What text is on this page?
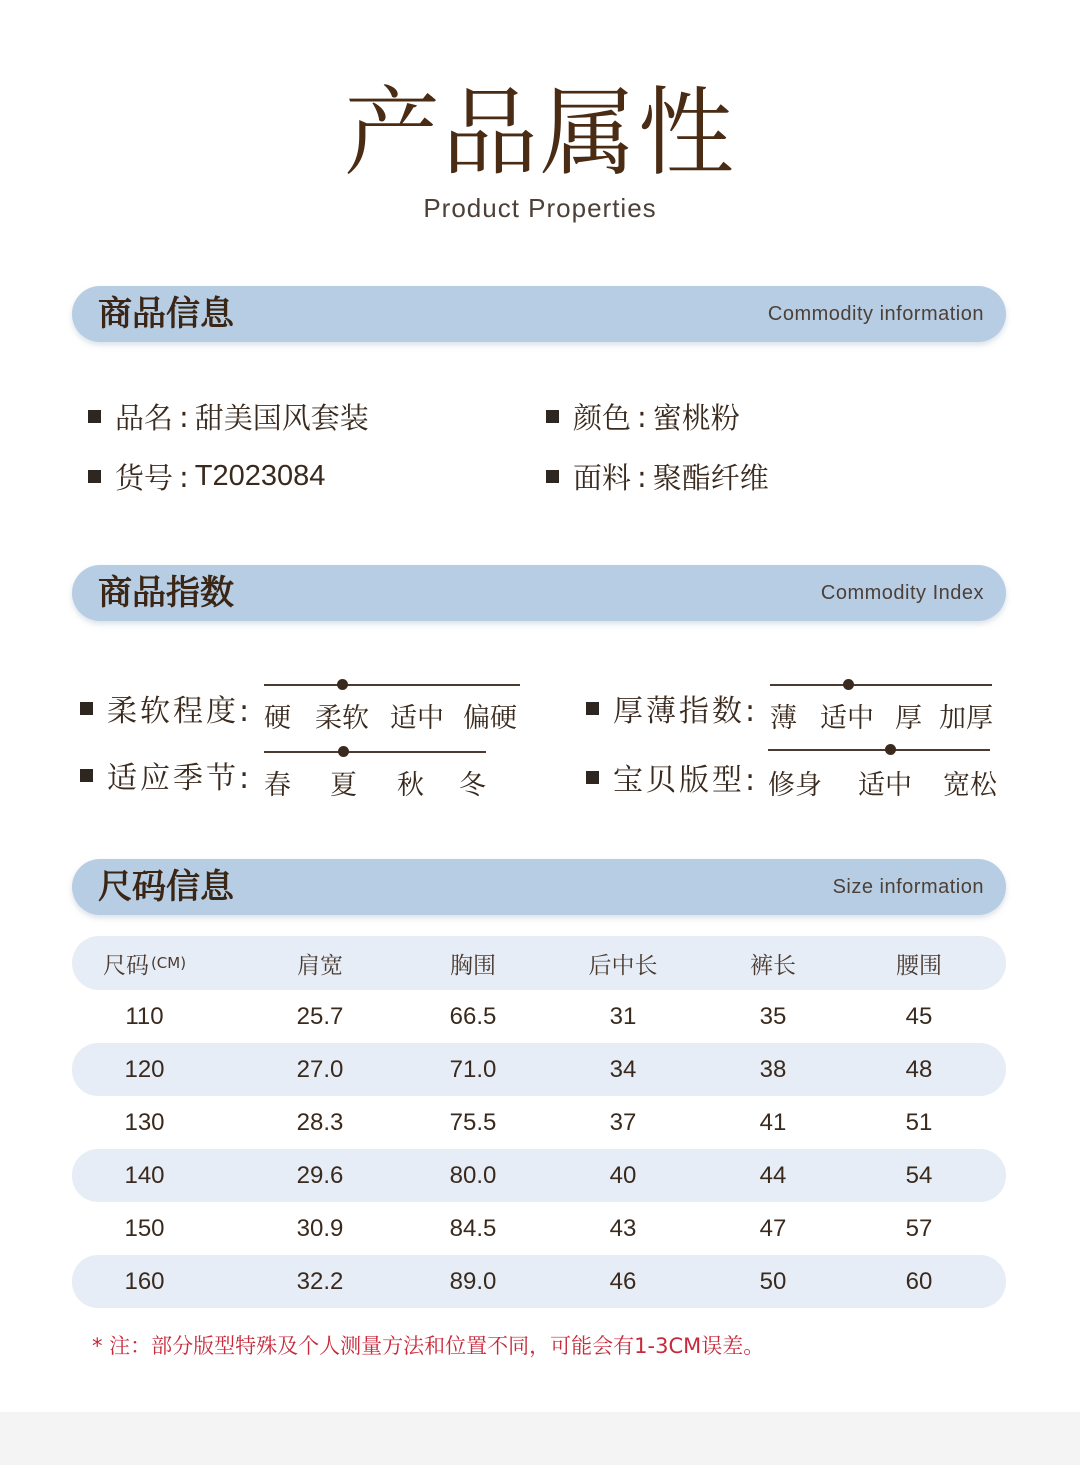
产品属性
Product Properties
商品信息	Commodity information
品名 : 甜美国风套装	颜色 : 蜜桃粉
货号 : T2023084	面料 : 聚酯纤维
商品指数	Commodity Index
柔软程度: 硬 柔软 适中 偏硬	厚薄指数: 薄 适中 厚 加厚
适应季节: 春 夏 秋 冬	宝贝版型: 修身 适中 宽松
尺码信息	Size information
尺码 (CM)	肩宽	胸围	后中长	裤长	腰围
110	25.7	66.5	31	35	45
120	27.0	71.0	34	38	48
130	28.3	75.5	37	41	51
140	29.6	80.0	40	44	54
150	30.9	84.5	43	47	57
160	32.2	89.0	46	50	60
* 注：部分版型特殊及个人测量方法和位置不同，可能会有1-3CM误差。
